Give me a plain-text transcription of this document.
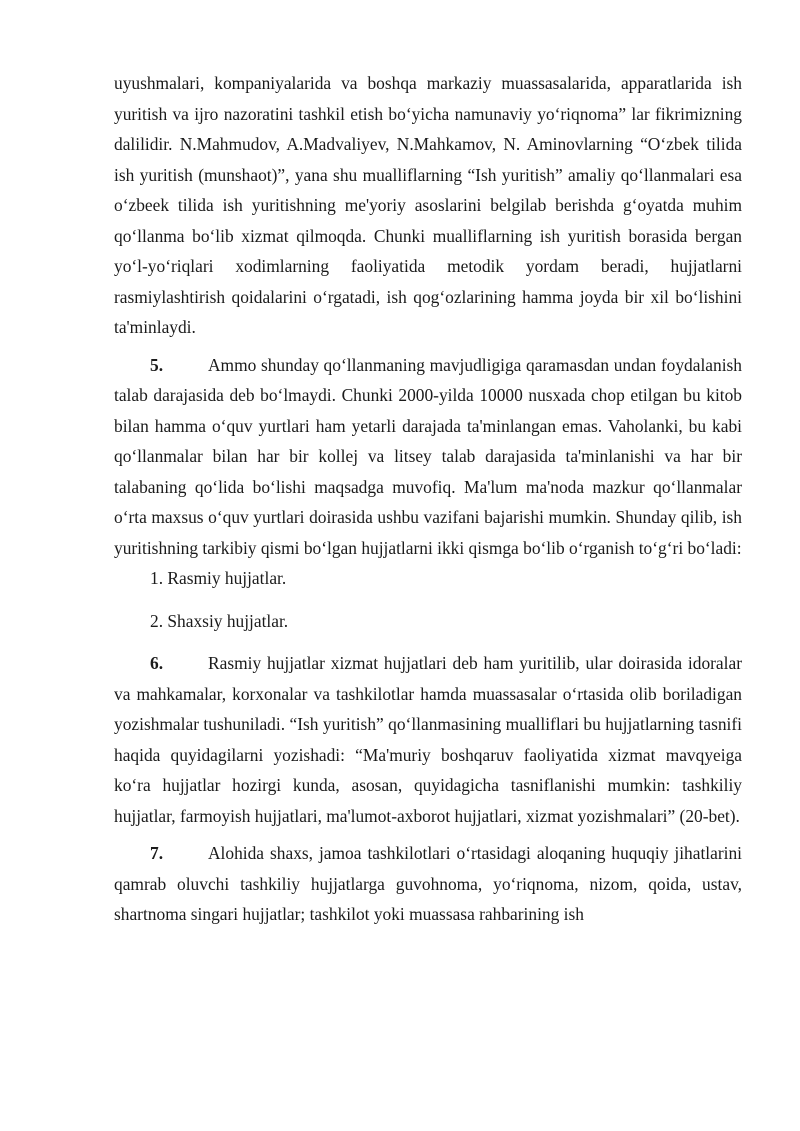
uyushmalari, kompaniyalarida va boshqa markaziy muassasalarida, apparatlarida ish yuritish va ijro nazoratini tashkil etish bo‘yicha namunaviy yo‘riqnoma” lar fikrimizning dalilidir. N.Mahmudov, A.Madvaliyev, N.Mahkamov, N. Aminovlarning “O‘zbek tilida ish yuritish (munshaot)”, yana shu mualliflarning “Ish yuritish” amaliy qo‘llanmalari esa o‘zbeek tilida ish yuritishning me'yoriy asoslarini belgilab berishda g‘oyatda muhim qo‘llanma bo‘lib xizmat qilmoqda. Chunki mualliflarning ish yuritish borasida bergan yo‘l-yo‘riqlari xodimlarning faoliyatida metodik yordam beradi, hujjatlarni rasmiylashtirish qoidalarini o‘rgatadi, ish qog‘ozlarining hamma joyda bir xil bo‘lishini ta'minlaydi.

5.	Ammo shunday qo‘llanmaning mavjudligiga qaramasdan undan foydalanish talab darajasida deb bo‘lmaydi. Chunki 2000-yilda 10000 nusxada chop etilgan bu kitob bilan hamma o‘quv yurtlari ham yetarli darajada ta'minlangan emas. Vaholanki, bu kabi qo‘llanmalar bilan har bir kollej va litsey talab darajasida ta'minlanishi va har bir talabaning qo‘lida bo‘lishi maqsadga muvofiq. Ma'lum ma'noda mazkur qo‘llanmalar o‘rta maxsus o‘quv yurtlari doirasida ushbu vazifani bajarishi mumkin. Shunday qilib, ish yuritishning tarkibiy qismi bo‘lgan hujjatlarni ikki qismga bo‘lib o‘rganish to‘g‘ri bo‘ladi:

1. Rasmiy hujjatlar.

2. Shaxsiy hujjatlar.

6.	Rasmiy hujjatlar xizmat hujjatlari deb ham yuritilib, ular doirasida idoralar va mahkamalar, korxonalar va tashkilotlar hamda muassasalar o‘rtasida olib boriladigan yozishmalar tushuniladi. “Ish yuritish” qo‘llanmasining mualliflari bu hujjatlarning tasnifi haqida quyidagilarni yozishadi: “Ma'muriy boshqaruv faoliyatida xizmat mavqyeiga ko‘ra hujjatlar hozirgi kunda, asosan, quyidagicha tasniflanishi mumkin: tashkiliy hujjatlar, farmoyish hujjatlari, ma'lumot-axborot hujjatlari, xizmat yozishmalari” (20-bet).

7.	Alohida shaxs, jamoa tashkilotlari o‘rtasidagi aloqaning huquqiy jihatlarini qamrab oluvchi tashkiliy hujjatlarga guvohnoma, yo‘riqnoma, nizom, qoida, ustav, shartnoma singari hujjatlar; tashkilot yoki muassasa rahbarining ish
